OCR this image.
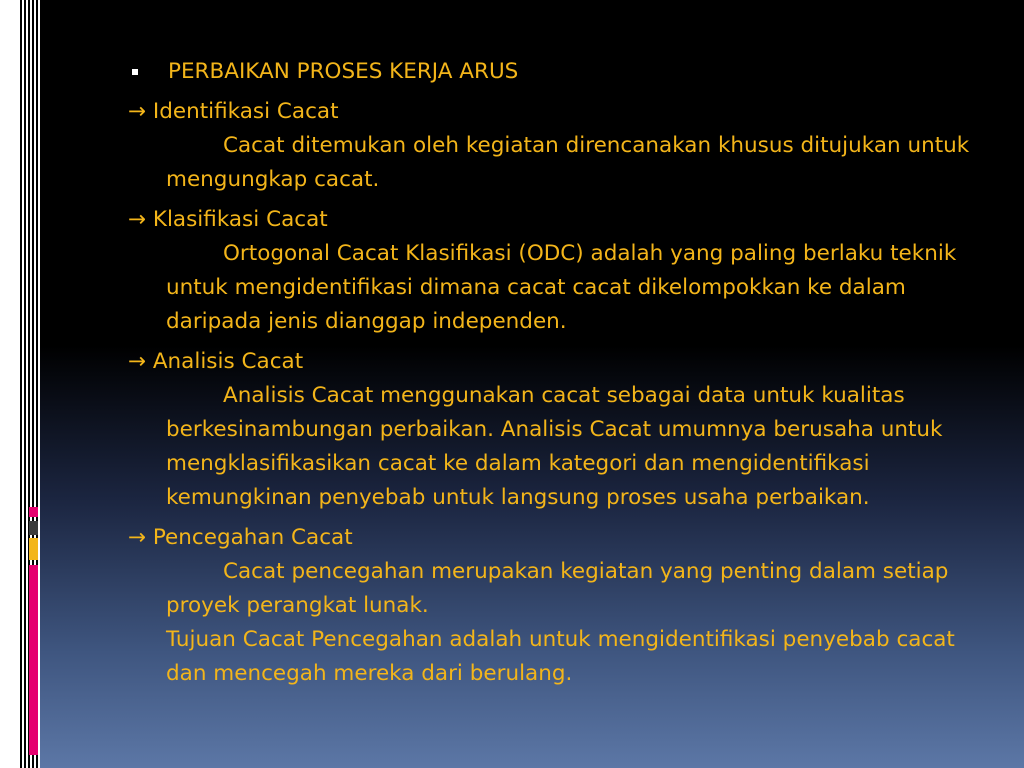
PERBAIKAN PROSES KERJA ARUS
→ Identifikasi Cacat
Cacat ditemukan oleh kegiatan direncanakan khusus ditujukan untuk mengungkap cacat.
→ Klasifikasi Cacat
Ortogonal Cacat Klasifikasi (ODC) adalah yang paling berlaku teknik untuk mengidentifikasi dimana cacat cacat dikelompokkan ke dalam daripada jenis dianggap independen.
→ Analisis Cacat
Analisis Cacat menggunakan cacat sebagai data untuk kualitas berkesinambungan perbaikan. Analisis Cacat umumnya berusaha untuk mengklasifikasikan cacat ke dalam kategori dan mengidentifikasi kemungkinan penyebab untuk langsung proses usaha perbaikan.
→ Pencegahan Cacat
Cacat pencegahan merupakan kegiatan yang penting dalam setiap proyek perangkat lunak.
Tujuan Cacat Pencegahan adalah untuk mengidentifikasi penyebab cacat dan mencegah mereka dari berulang.
